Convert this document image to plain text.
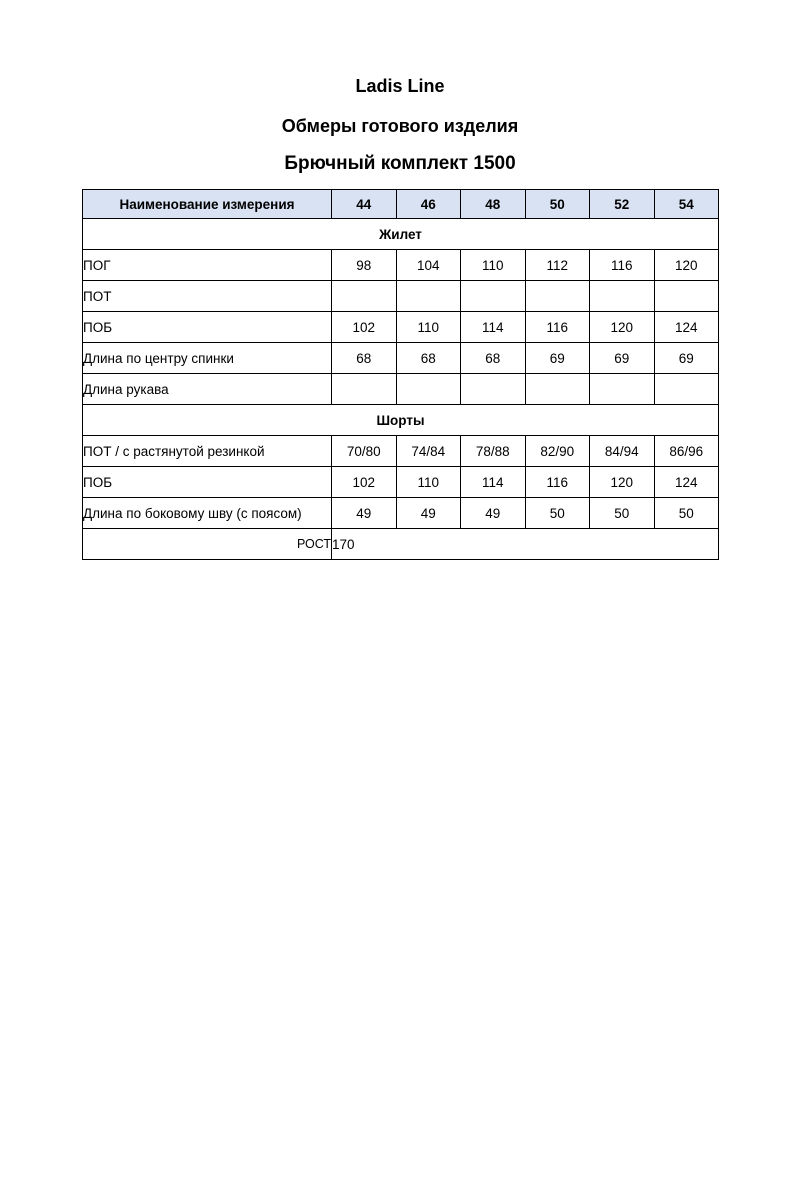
Ladis Line
Обмеры готового изделия
Брючный комплект 1500
Наименование измерения	44	46	48	50	52	54
Жилет						
ПОГ	98	104	110	112	116	120
ПОТ						
ПОБ	102	110	114	116	120	124
Длина по центру спинки	68	68	68	69	69	69
Длина рукава						
Шорты						
ПОТ / с растянутой резинкой	70/80	74/84	78/88	82/90	84/94	86/96
ПОБ	102	110	114	116	120	124
Длина по боковому шву (с поясом)	49	49	49	50	50	50
РОСТ	170					
